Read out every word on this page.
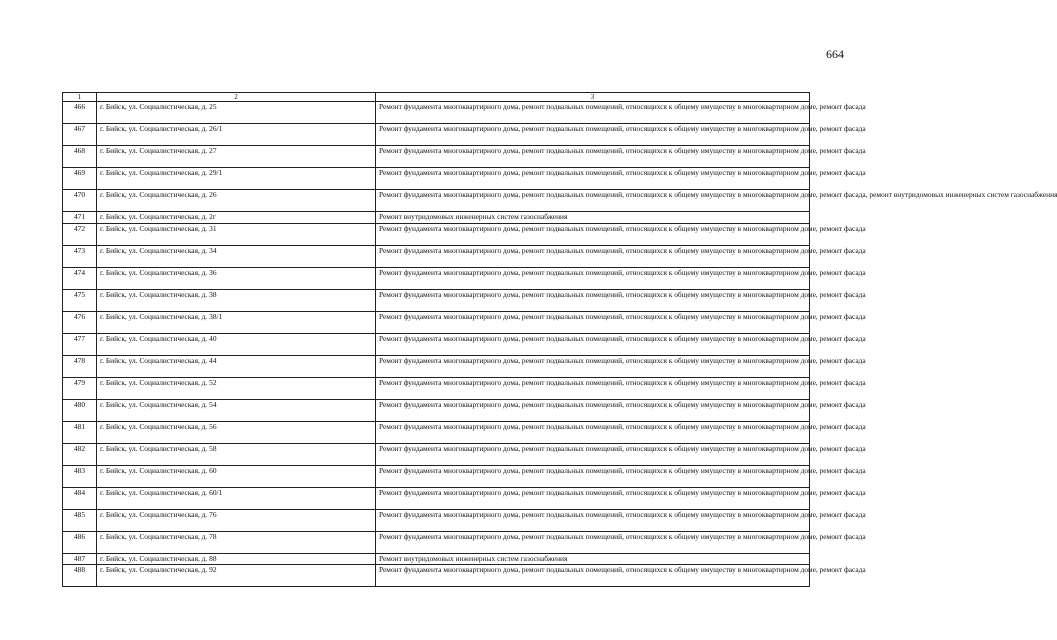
664
1	2	3
466	г. Бийск, ул. Социалистическая, д. 25	Ремонт фундамента многоквартирного дома, ремонт подвальных помещений, относящихся к общему имуществу в многоквартирном доме, ремонт фасада
467	г. Бийск, ул. Социалистическая, д. 26/1	Ремонт фундамента многоквартирного дома, ремонт подвальных помещений, относящихся к общему имуществу в многоквартирном доме, ремонт фасада
468	г. Бийск, ул. Социалистическая, д. 27	Ремонт фундамента многоквартирного дома, ремонт подвальных помещений, относящихся к общему имуществу в многоквартирном доме, ремонт фасада
469	г. Бийск, ул. Социалистическая, д. 29/1	Ремонт фундамента многоквартирного дома, ремонт подвальных помещений, относящихся к общему имуществу в многоквартирном доме, ремонт фасада
470	г. Бийск, ул. Социалистическая, д. 26	Ремонт фундамента многоквартирного дома, ремонт подвальных помещений, относящихся к общему имуществу в многоквартирном доме, ремонт фасада, ремонт внутридомовых инженерных систем газоснабжения
471	г. Бийск, ул. Социалистическая, д. 2г	Ремонт внутридомовых инженерных систем газоснабжения
472	г. Бийск, ул. Социалистическая, д. 31	Ремонт фундамента многоквартирного дома, ремонт подвальных помещений, относящихся к общему имуществу в многоквартирном доме, ремонт фасада
473	г. Бийск, ул. Социалистическая, д. 34	Ремонт фундамента многоквартирного дома, ремонт подвальных помещений, относящихся к общему имуществу в многоквартирном доме, ремонт фасада
474	г. Бийск, ул. Социалистическая, д. 36	Ремонт фундамента многоквартирного дома, ремонт подвальных помещений, относящихся к общему имуществу в многоквартирном доме, ремонт фасада
475	г. Бийск, ул. Социалистическая, д. 38	Ремонт фундамента многоквартирного дома, ремонт подвальных помещений, относящихся к общему имуществу в многоквартирном доме, ремонт фасада
476	г. Бийск, ул. Социалистическая, д. 38/1	Ремонт фундамента многоквартирного дома, ремонт подвальных помещений, относящихся к общему имуществу в многоквартирном доме, ремонт фасада
477	г. Бийск, ул. Социалистическая, д. 40	Ремонт фундамента многоквартирного дома, ремонт подвальных помещений, относящихся к общему имуществу в многоквартирном доме, ремонт фасада
478	г. Бийск, ул. Социалистическая, д. 44	Ремонт фундамента многоквартирного дома, ремонт подвальных помещений, относящихся к общему имуществу в многоквартирном доме, ремонт фасада
479	г. Бийск, ул. Социалистическая, д. 52	Ремонт фундамента многоквартирного дома, ремонт подвальных помещений, относящихся к общему имуществу в многоквартирном доме, ремонт фасада
480	г. Бийск, ул. Социалистическая, д. 54	Ремонт фундамента многоквартирного дома, ремонт подвальных помещений, относящихся к общему имуществу в многоквартирном доме, ремонт фасада
481	г. Бийск, ул. Социалистическая, д. 56	Ремонт фундамента многоквартирного дома, ремонт подвальных помещений, относящихся к общему имуществу в многоквартирном доме, ремонт фасада
482	г. Бийск, ул. Социалистическая, д. 58	Ремонт фундамента многоквартирного дома, ремонт подвальных помещений, относящихся к общему имуществу в многоквартирном доме, ремонт фасада
483	г. Бийск, ул. Социалистическая, д. 60	Ремонт фундамента многоквартирного дома, ремонт подвальных помещений, относящихся к общему имуществу в многоквартирном доме, ремонт фасада
484	г. Бийск, ул. Социалистическая, д. 60/1	Ремонт фундамента многоквартирного дома, ремонт подвальных помещений, относящихся к общему имуществу в многоквартирном доме, ремонт фасада
485	г. Бийск, ул. Социалистическая, д. 76	Ремонт фундамента многоквартирного дома, ремонт подвальных помещений, относящихся к общему имуществу в многоквартирном доме, ремонт фасада
486	г. Бийск, ул. Социалистическая, д. 78	Ремонт фундамента многоквартирного дома, ремонт подвальных помещений, относящихся к общему имуществу в многоквартирном доме, ремонт фасада
487	г. Бийск, ул. Социалистическая, д. 88	Ремонт внутридомовых инженерных систем газоснабжения
488	г. Бийск, ул. Социалистическая, д. 92	Ремонт фундамента многоквартирного дома, ремонт подвальных помещений, относящихся к общему имуществу в многоквартирном доме, ремонт фасада
